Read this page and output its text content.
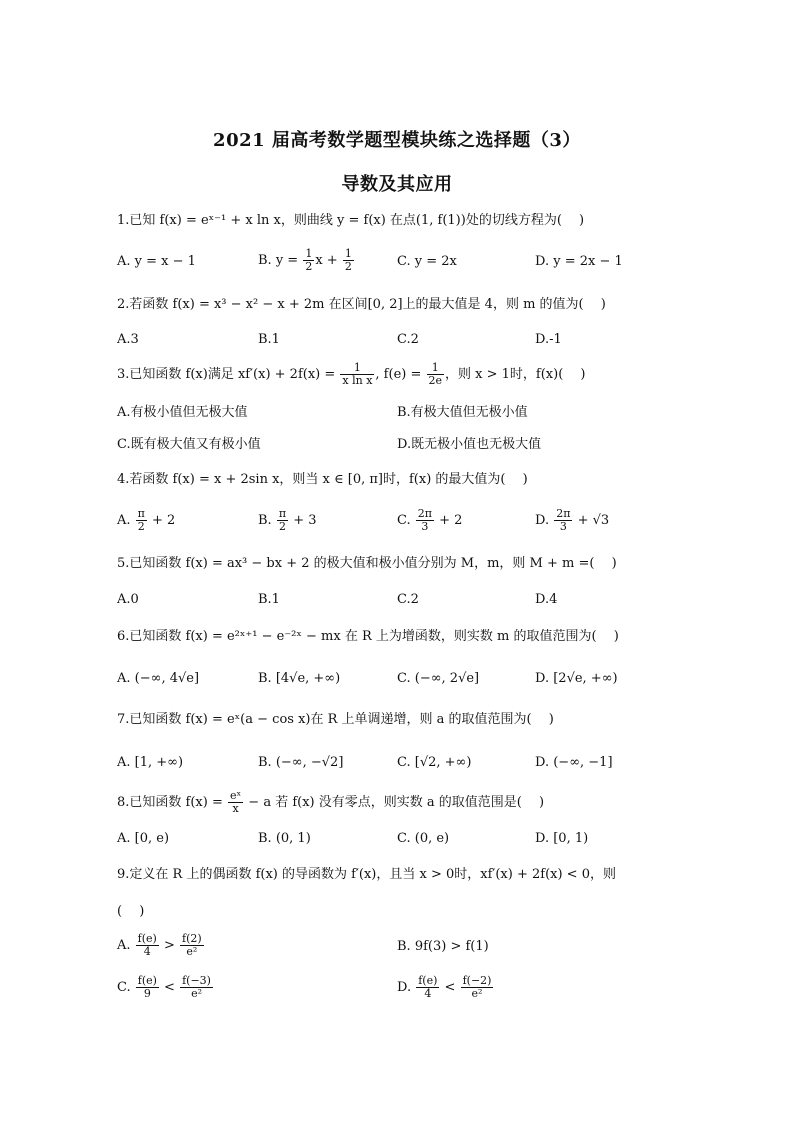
2021 届高考数学题型模块练之选择题（3）
导数及其应用
1.已知 f(x) = eˣ⁻¹ + x ln x，则曲线 y = f(x) 在点(1, f(1))处的切线方程为(　 )
A. y = x − 1	B. $y = \frac{1}{2}$ $x + \frac{1}{2}$	C. y = 2x	D. y = 2x − 1
2.若函数 f(x) = x³ − x² − x + 2m 在区间[0, 2]上的最大值是 4，则 m 的值为(　 )
A.3	B.1	C.2	D.-1
3.已知函数 f(x)满足 $xf'(x) + 2f(x) = \frac{1}{\text{x ln x}}$ , $f(e) = \frac{1}{2e}$ ，则 x > 1时，f(x)(　 )
A.有极小值但无极大值	B.有极大值但无极小值
C.既有极大值又有极小值	D.既无极小值也无极大值
4.若函数 f(x) = x + 2sin x，则当 x ∈ [0, π]时，f(x) 的最大值为(　 )
A. $\frac{\pi}{2} + 2$	B. $\frac{\pi}{2} + 3$	C. $\frac{2\pi}{3} + 2$	D. $\frac{2\pi}{3} + √3$
5.已知函数 f(x) = ax³ − bx + 2 的极大值和极小值分别为 M，m，则 M + m =(　 )
A.0	B.1	C.2	D.4
6.已知函数 f(x) = e²ˣ⁺¹ − e⁻²ˣ − mx 在 R 上为增函数，则实数 m 的取值范围为(　 )
A. (−∞, 4√e]	B. [4√e, +∞)	C. (−∞, 2√e]	D. [2√e, +∞)
7.已知函数 f(x) = eˣ(a − cos x)在 R 上单调递增，则 a 的取值范围为(　 )
A. [1, +∞)	B. (−∞, −√2]	C. [√2, +∞)	D. (−∞, −1]
8.已知函数 $f(x) = \frac{\text{eˣ}}{x} - a$ 若 f(x) 没有零点，则实数 a 的取值范围是(　 )
A. [0, e)	B. (0, 1)	C. (0, e)	D. [0, 1)
9.定义在 R 上的偶函数 f(x) 的导函数为 f′(x)，且当 x > 0时，xf′(x) + 2f(x) < 0，则
(　 )
A. $\frac{f(e)}{4} > \frac{f(2)}{\text{e²}}$	B. 9f(3) > f(1)
C. $\frac{f(e)}{9} < \frac{f(-3)}{\text{e²}}$	D. $\frac{f(e)}{4} < \frac{f(-2)}{\text{e²}}$
